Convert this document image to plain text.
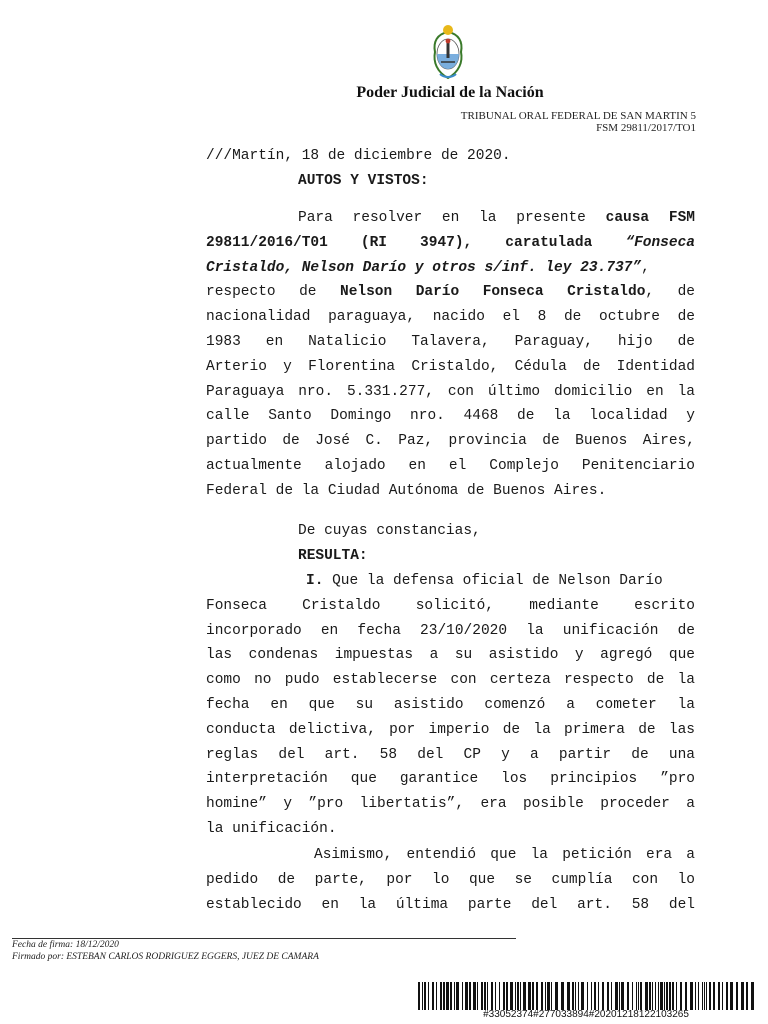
Poder Judicial de la Nación
TRIBUNAL ORAL FEDERAL DE SAN MARTIN 5
FSM 29811/2017/TO1
///Martín, 18 de diciembre de 2020.
AUTOS Y VISTOS:
Para resolver en la presente causa FSM
29811/2016/T01 (RI 3947), caratulada “Fonseca
Cristaldo, Nelson Darío y otros s/inf. ley 23.737”,
respecto de Nelson Darío Fonseca Cristaldo, de
nacionalidad paraguaya, nacido el 8 de octubre de
1983 en Natalicio Talavera, Paraguay, hijo de
Arterio y Florentina Cristaldo, Cédula de Identidad
Paraguaya nro. 5.331.277, con último domicilio en la
calle Santo Domingo nro. 4468 de la localidad y
partido de José C. Paz, provincia de Buenos Aires,
actualmente alojado en el Complejo Penitenciario
Federal de la Ciudad Autónoma de Buenos Aires.
De cuyas constancias,
RESULTA:
I. Que la defensa oficial de Nelson Darío
Fonseca Cristaldo solicitó, mediante escrito
incorporado en fecha 23/10/2020 la unificación de
las condenas impuestas a su asistido y agregó que
como no pudo establecerse con certeza respecto de la
fecha en que su asistido comenzó a cometer la
conducta delictiva, por imperio de la primera de las
reglas del art. 58 del CP y a partir de una
interpretación que garantice los principios ”pro
homine” y ”pro libertatis”, era posible proceder a
la unificación.
Asimismo, entendió que la petición era a
pedido de parte, por lo que se cumplía con lo
establecido en la última parte del art. 58 del
Fecha de firma: 18/12/2020
Firmado por: ESTEBAN CARLOS RODRIGUEZ EGGERS, JUEZ DE CAMARA
#33052374#277033894#20201218122103265
